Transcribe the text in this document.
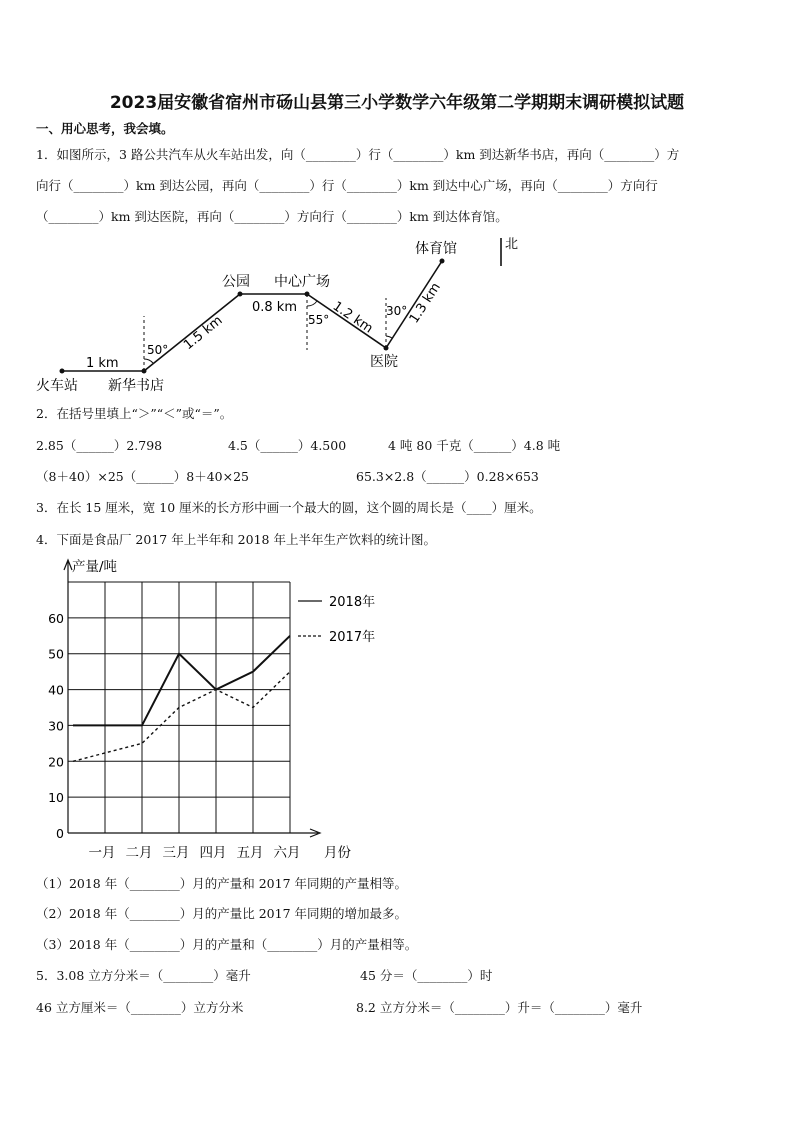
2023届安徽省宿州市砀山县第三小学数学六年级第二学期期末调研模拟试题
一、用心思考，我会填。
1．如图所示，3 路公共汽车从火车站出发，向（________）行（________）km 到达新华书店，再向（________）方
向行（________）km 到达公园，再向（________）行（________）km 到达中心广场，再向（________）方向行
（________）km 到达医院，再向（________）方向行（________）km 到达体育馆。
北
火车站 新华书店
公园 中心广场
医院
体育馆
1 km
1.5 km
0.8 km	1.2 km 1.3 km
50°
55°
30°
2．在括号里填上“＞”“＜”或“＝”。
2.85（______）2.798	4.5（______）4.500	4 吨 80 千克（______）4.8 吨
（8＋40）×25（______）8＋40×25	65.3×2.8（______）0.28×653
3．在长 15 厘米，宽 10 厘米的长方形中画一个最大的圆，这个圆的周长是（____）厘米。
4．下面是食品厂 2017 年上半年和 2018 年上半年生产饮料的统计图。
0
10
20
30
40
50
60
一月 二月 三月 四月 五月 六月
2018年
2017年
产量/吨
月份
（1）2018 年（________）月的产量和 2017 年同期的产量相等。
（2）2018 年（________）月的产量比 2017 年同期的增加最多。
（3）2018 年（________）月的产量和（________）月的产量相等。
5．3.08 立方分米＝（________）毫升	45 分＝（________）时
46 立方厘米＝（________）立方分米	8.2 立方分米＝（________）升＝（________）毫升
